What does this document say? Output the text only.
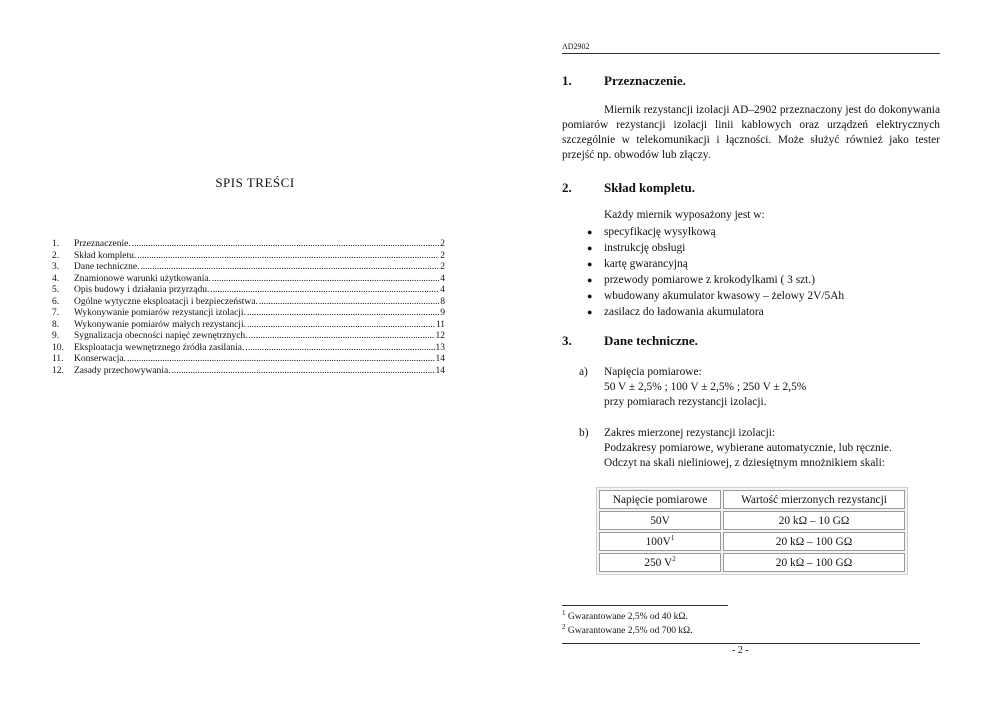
SPIS TREŚCI
1.	Przeznaczenie. . . .	2
2.	Skład kompletu. . . .	2
3.	Dane techniczne. . . .	2
4.	Znamionowe warunki użytkowania. . . .	4
5.	Opis budowy i działania przyrządu. . . .	4
6.	Ogólne wytyczne eksploatacji i bezpieczeństwa. . . .	8
7.	Wykonywanie pomiarów rezystancji izolacji. . . .	9
8.	Wykonywanie pomiarów małych rezystancji. . . .	11
9.	Sygnalizacja obecności napięć zewnętrznych. . . .	12
10.	Eksploatacja wewnętrznego źródła zasilania. . . .	13
11.	Konserwacja. . . .	14
12.	Zasady przechowywania. . . .	14
AD2902
1. Przeznaczenie.
Miernik rezystancji izolacji AD–2902 przeznaczony jest do dokonywania pomiarów rezystancji izolacji linii kablowych oraz urządzeń elektrycznych szczególnie w telekomunikacji i łączności. Może służyć również jako tester przejść np. obwodów lub złączy.
2. Skład kompletu.
Każdy miernik wyposażony jest w:
●	specyfikację wysyłkową
●	instrukcję obsługi
●	kartę gwarancyjną
●	przewody pomiarowe z krokodylkami ( 3 szt.)
●	wbudowany akumulator kwasowy – żelowy 2V/5Ah
●	zasilacz do ładowania akumulatora
3. Dane techniczne.
a) Napięcia pomiarowe:
50 V ± 2,5% ; 100 V ± 2,5% ; 250 V ± 2,5%
przy pomiarach rezystancji izolacji.
b) Zakres mierzonej rezystancji izolacji:
Podzakresy pomiarowe, wybierane automatycznie, lub ręcznie.
Odczyt na skali nieliniowej, z dziesiętnym mnożnikiem skali:
Napięcie pomiarowe	Wartość mierzonych rezystancji
50V	20 kΩ – 10 GΩ
$100V^1$	20 kΩ – 100 GΩ
250 $V^2$	20 kΩ – 100 GΩ
$^1$ Gwarantowane 2,5% od 40 kΩ.
$^2$ Gwarantowane 2,5% od 700 kΩ.
- 2 -
